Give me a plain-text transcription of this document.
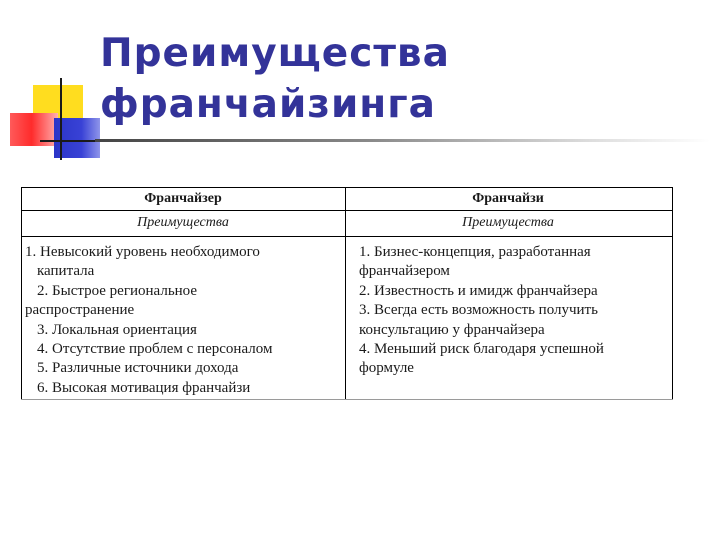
Преимущества
франчайзинга
Франчайзер	Франчайзи
Преимущества	Преимущества
1. Невысокий уровень необходимого
капитала
2. Быстрое региональное
распространение
3. Локальная ориентация
4. Отсутствие проблем с персоналом
5. Различные источники дохода
6. Высокая мотивация франчайзи
1. Бизнес-концепция, разработанная
франчайзером
2. Известность и имидж франчайзера
3. Всегда есть возможность получить
консультацию у франчайзера
4. Меньший риск благодаря успешной
формуле
